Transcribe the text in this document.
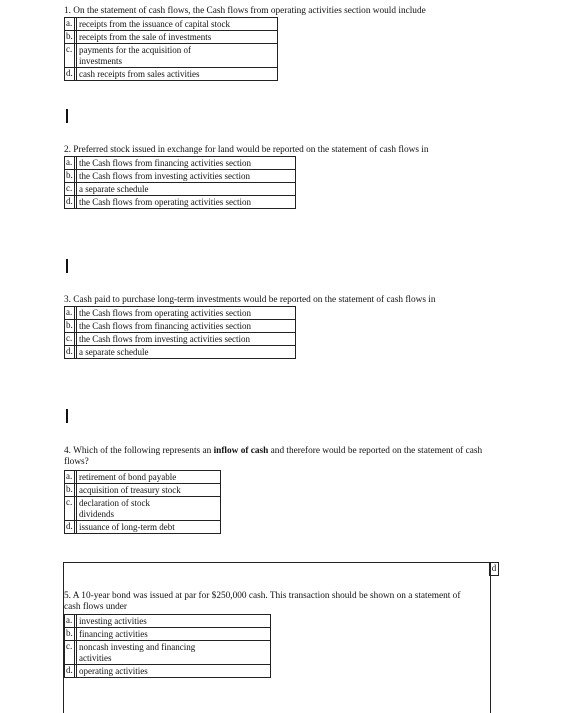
1. On the statement of cash flows, the Cash flows from operating activities section would include
a. receipts from the issuance of capital stock
b. receipts from the sale of investments
c. payments for the acquisition of investments
d. cash receipts from sales activities
2. Preferred stock issued in exchange for land would be reported on the statement of cash flows in
a. the Cash flows from financing activities section
b. the Cash flows from investing activities section
c. a separate schedule
d. the Cash flows from operating activities section
3. Cash paid to purchase long-term investments would be reported on the statement of cash flows in
a. the Cash flows from operating activities section
b. the Cash flows from financing activities section
c. the Cash flows from investing activities section
d. a separate schedule
4. Which of the following represents an inflow of cash and therefore would be reported on the statement of cash flows?
a. retirement of bond payable
b. acquisition of treasury stock
c. declaration of stock dividends
d. issuance of long-term debt
d
5. A 10-year bond was issued at par for $250,000 cash. This transaction should be shown on a statement of cash flows under
a. investing activities
b. financing activities
c. noncash investing and financing activities
d. operating activities
